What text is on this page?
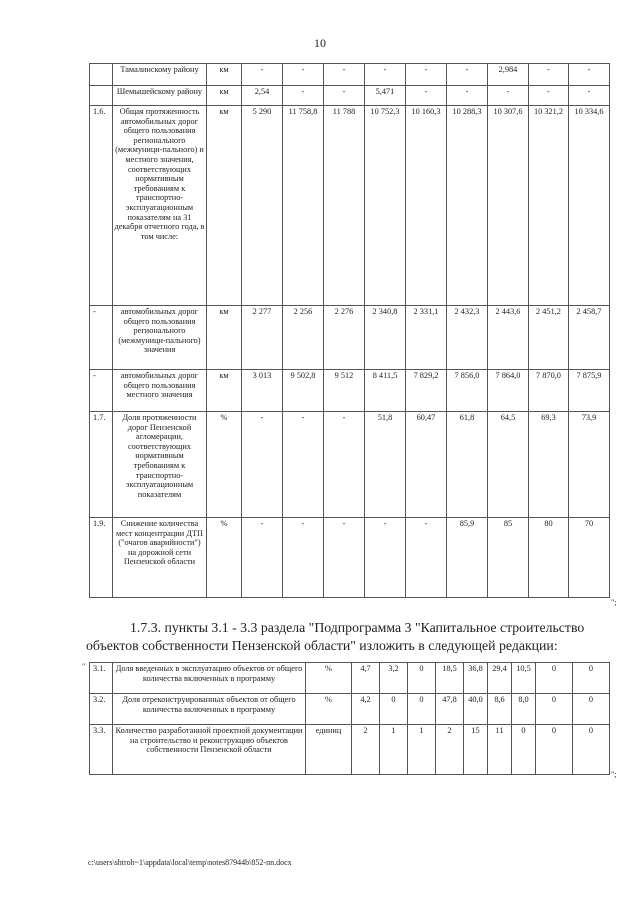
10
	Тамалинскому району	км	-	-	-	-	-	-	2,984	-	-
	Шемышейскому району	км	2,54	-	-	5,471	-	-	-	-	-
1.6.	Общая протяженность автомобильных дорог общего пользования регионального (межмуници-пального) и местного значения, соответствующих нормативным требованиям к транспортно-эксплуатационным показателям на 31 декабря отчетного года, в том числе:	км	5 290	11 758,8	11 788	10 752,3	10 160,3	10 288,3	10 307,6	10 321,2	10 334,6
-	автомобильных дорог общего пользования регионального (межмуници-пального) значения	км	2 277	2 256	2 276	2 340,8	2 331,1	2 432,3	2 443,6	2 451,2	2 458,7
-	автомобильных дорог общего пользования местного значения	км	3 013	9 502,8	9 512	8 411,5	7 829,2	7 856,0	7 864,0	7 870,0	7 875,9
1.7.	Доля протяженности дорог Пензенской агломерации, соответствующих нормативным требованиям к транспортно-эксплуатационным показателям	%	-	-	-	51,8	60,47	61,8	64,5	69,3	73,9
1.9.	Снижение количества мест концентрации ДТП ("очагов аварийности") на дорожной сети Пензенской области	%	-	-	-	-	-	85,9	85	80	70
";
1.7.3. пункты 3.1 - 3.3 раздела "Подпрограмма 3 "Капитальное строительство
объектов собственности Пензенской области" изложить в следующей редакции:
" 3.1.	Доля введенных в эксплуатацию объектов от общего количества включенных в программу	%	4,7	3,2	0	18,5	36,8	29,4	10,5	0	0
3.2.	Доля отреконструированных объектов от общего количества включенных в программу	%	4,2	0	0	47,8	40,0	8,6	8,0	0	0
3.3.	Количество разработанной проектной документации на строительство и реконструкцию объектов собственности Пензенской области	единиц	2	1	1	2	15	11	0	0	0
";
c:\users\shtroh~1\appdata\local\temp\notes87944b\852-nn.docx
